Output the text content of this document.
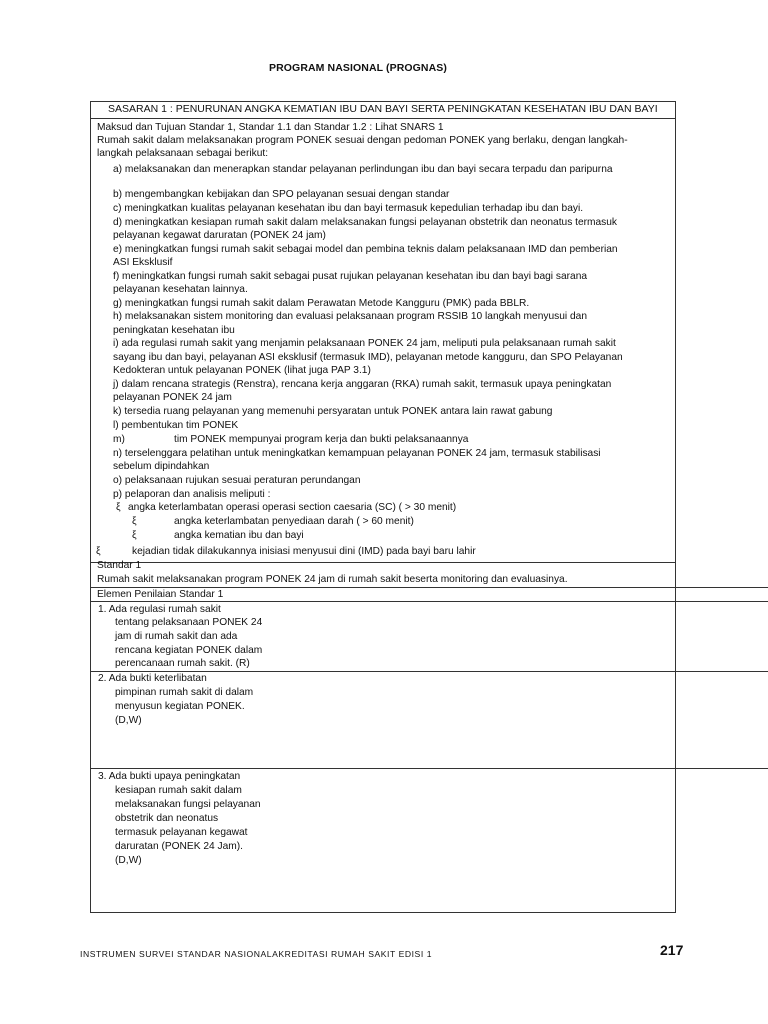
PROGRAM NASIONAL (PROGNAS)
SASARAN 1 : PENURUNAN ANGKA KEMATIAN IBU DAN BAYI SERTA PENINGKATAN KESEHATAN IBU DAN BAYI
Maksud dan Tujuan Standar 1, Standar 1.1 dan Standar 1.2 : Lihat SNARS 1
Rumah sakit dalam melaksanakan program PONEK sesuai dengan pedoman PONEK yang berlaku, dengan langkah-
langkah pelaksanaan sebagai berikut:
a) melaksanakan dan menerapkan standar pelayanan perlindungan ibu dan bayi secara terpadu dan paripurna
b) mengembangkan kebijakan dan SPO pelayanan sesuai dengan standar
c) meningkatkan kualitas pelayanan kesehatan ibu dan bayi termasuk kepedulian terhadap ibu dan bayi.
d) meningkatkan kesiapan rumah sakit dalam melaksanakan fungsi pelayanan obstetrik dan neonatus termasuk
pelayanan kegawat daruratan (PONEK 24 jam)
e) meningkatkan fungsi rumah sakit sebagai model dan pembina teknis dalam pelaksanaan IMD dan pemberian
ASI Eksklusif
f) meningkatkan fungsi rumah sakit sebagai pusat rujukan pelayanan kesehatan ibu dan bayi bagi sarana
pelayanan kesehatan lainnya.
g) meningkatkan fungsi rumah sakit dalam Perawatan Metode Kangguru (PMK) pada BBLR.
h) melaksanakan sistem monitoring dan evaluasi pelaksanaan program RSSIB 10 langkah menyusui dan
peningkatan kesehatan ibu
i) ada regulasi rumah sakit yang menjamin pelaksanaan PONEK 24 jam, meliputi pula pelaksanaan rumah sakit
sayang ibu dan bayi, pelayanan ASI eksklusif (termasuk IMD), pelayanan metode kangguru, dan SPO Pelayanan
Kedokteran untuk pelayanan PONEK (lihat juga PAP 3.1)
j) dalam rencana strategis (Renstra), rencana kerja anggaran (RKA) rumah sakit, termasuk upaya peningkatan
pelayanan PONEK 24 jam
k) tersedia ruang pelayanan yang memenuhi persyaratan untuk PONEK antara lain rawat gabung
l) pembentukan tim PONEK
m)	tim PONEK mempunyai program kerja dan bukti pelaksanaannya
n) terselenggara pelatihan untuk meningkatkan kemampuan pelayanan PONEK 24 jam, termasuk stabilisasi
sebelum dipindahkan
o) pelaksanaan rujukan sesuai peraturan perundangan
p) pelaporan dan analisis meliputi :
ξ angka keterlambatan operasi operasi section caesaria (SC) ( > 30 menit)
ξ	angka keterlambatan penyediaan darah ( > 60 menit)
ξ	angka kematian ibu dan bayi
ξ	kejadian tidak dilakukannya inisiasi menyusui dini (IMD) pada bayi baru lahir
Standar 1
Rumah sakit melaksanakan program PONEK 24 jam di rumah sakit beserta monitoring dan evaluasinya.
Elemen Penilaian Standar 1
1. Ada regulasi rumah sakit
tentang pelaksanaan PONEK 24
jam di rumah sakit dan ada
rencana kegiatan PONEK dalam
perencanaan rumah sakit. (R)
2. Ada bukti keterlibatan
pimpinan rumah sakit di dalam
menyusun kegiatan PONEK.
(D,W)
3. Ada bukti upaya peningkatan
kesiapan rumah sakit dalam
melaksanakan fungsi pelayanan
obstetrik dan neonatus
termasuk pelayanan kegawat
daruratan (PONEK 24 Jam).
(D,W)
INSTRUMEN SURVEI STANDAR NASIONALAKREDITASI RUMAH SAKIT EDISI 1	217
